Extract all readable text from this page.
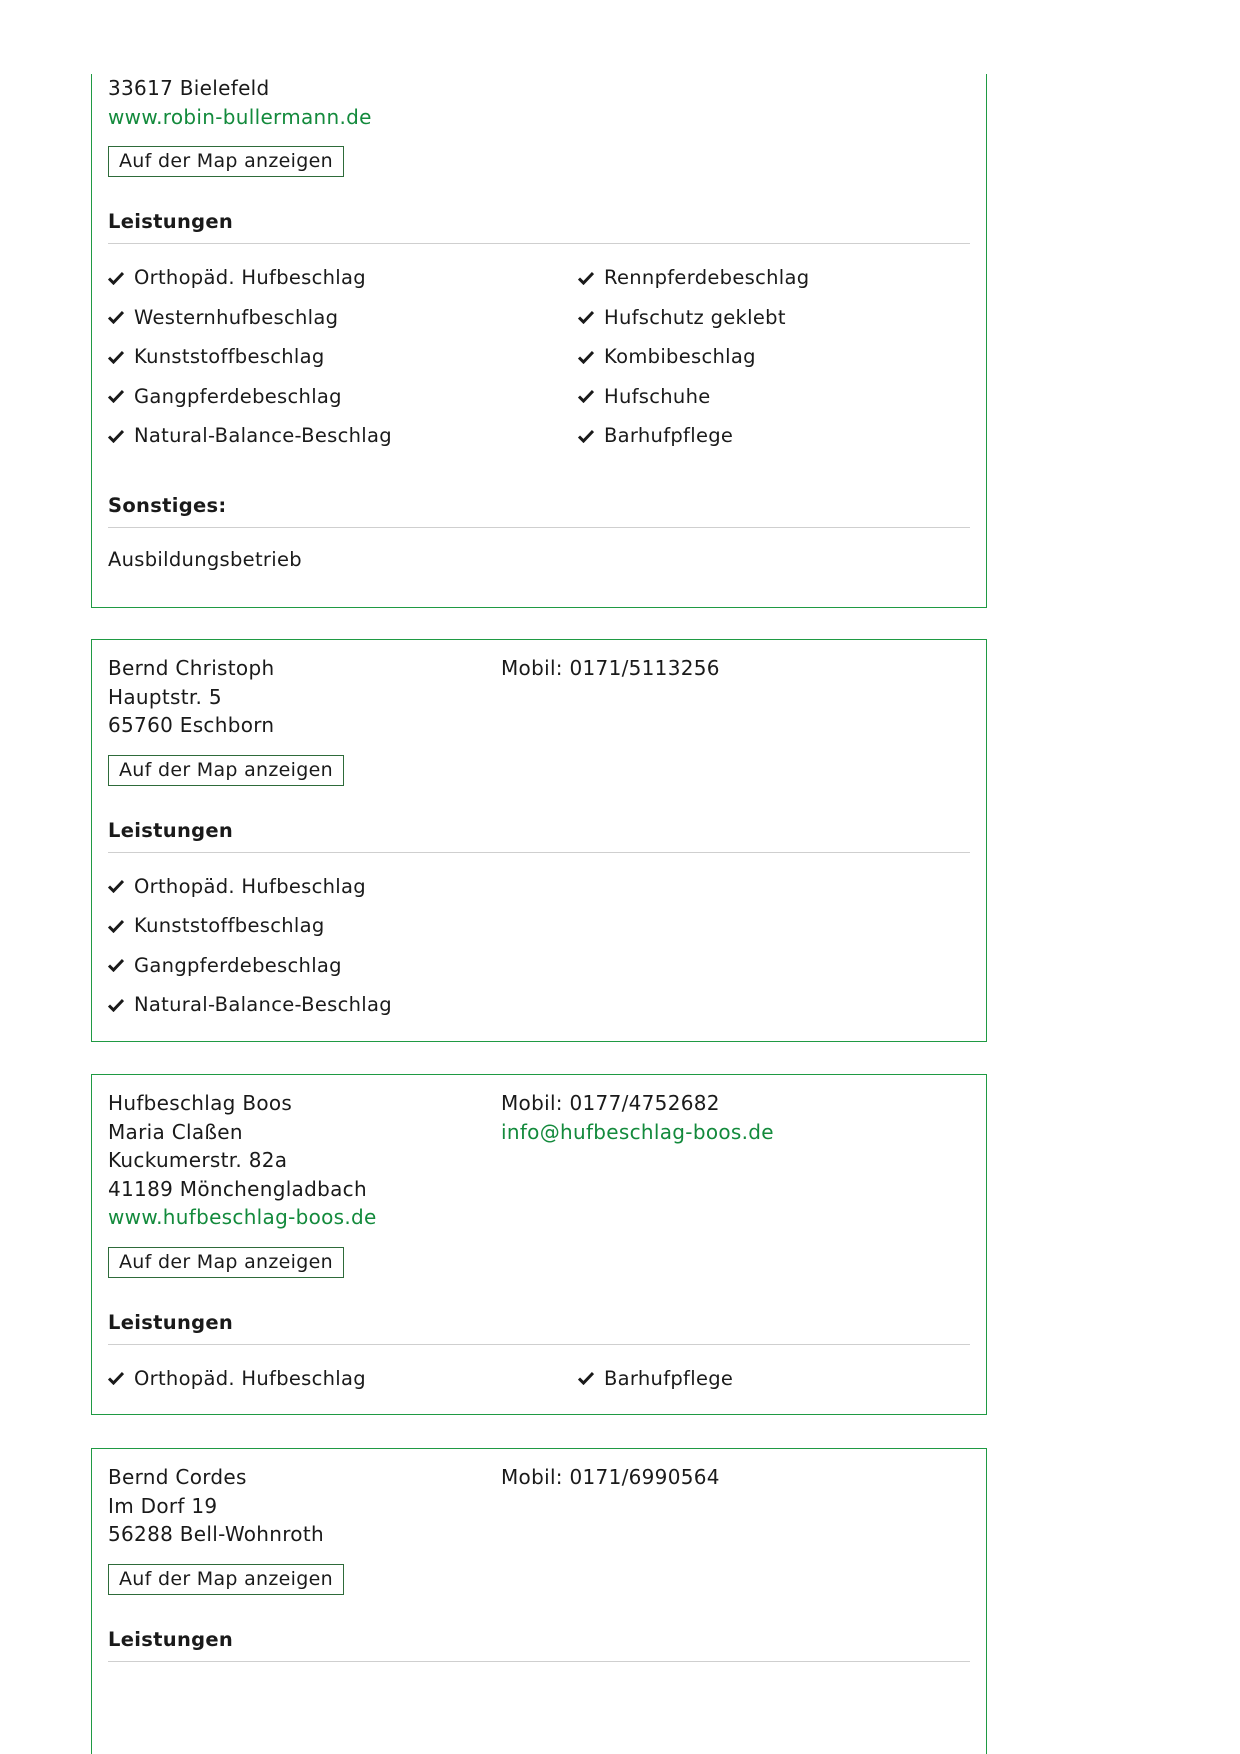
33617 Bielefeld
www.robin-bullermann.de
Auf der Map anzeigen
Leistungen
Orthopäd. Hufbeschlag	Rennpferdebeschlag
Westernhufbeschlag	Hufschutz geklebt
Kunststoffbeschlag	Kombibeschlag
Gangpferdebeschlag	Hufschuhe
Natural-Balance-Beschlag	Barhufpflege
Sonstiges:
Ausbildungsbetrieb
Bernd Christoph
Hauptstr. 5
65760 Eschborn
Mobil: 0171/5113256
Auf der Map anzeigen
Leistungen
Orthopäd. Hufbeschlag
Kunststoffbeschlag
Gangpferdebeschlag
Natural-Balance-Beschlag
Hufbeschlag Boos
Maria Claßen
Kuckumerstr. 82a
41189 Mönchengladbach
www.hufbeschlag-boos.de
Mobil: 0177/4752682
info@hufbeschlag-boos.de
Auf der Map anzeigen
Leistungen
Orthopäd. Hufbeschlag	Barhufpflege
Bernd Cordes
Im Dorf 19
56288 Bell-Wohnroth
Mobil: 0171/6990564
Auf der Map anzeigen
Leistungen
